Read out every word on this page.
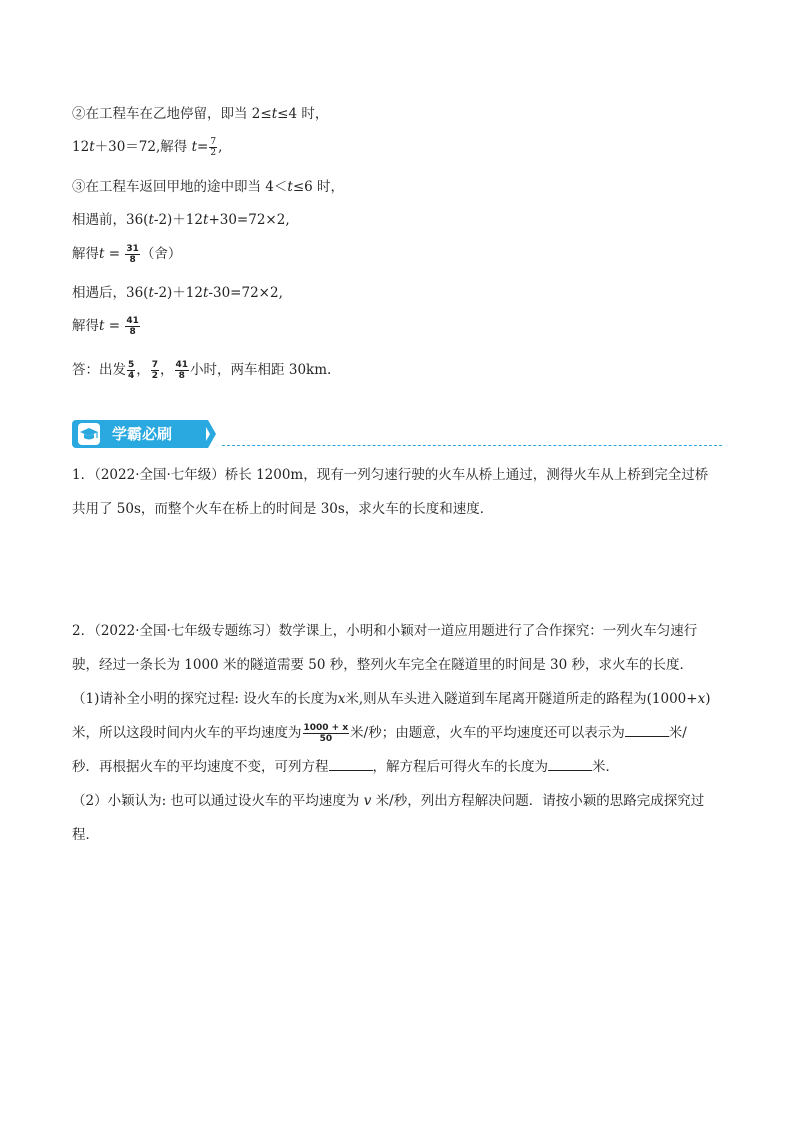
②在工程车在乙地停留，即当 2≤t≤4 时，
12t＋30＝72,解得 $t= \frac{7}{2}$ ,
③在工程车返回甲地的途中即当 4＜t≤6 时，
相遇前，36(t-2)＋12t+30=72×2,
解得$t = \frac{31}{8}$ （舍）
相遇后，36(t-2)＋12t-30=72×2,
解得$t = \frac{41}{8}$
答：出发 $\frac{5}{4}$ ， $\frac{7}{2}$ ， $\frac{41}{8}$ 小时，两车相距 30km.
学霸必刷
1．（2022·全国·七年级）桥长 1200m，现有一列匀速行驶的火车从桥上通过，测得火车从上桥到完全过桥
共用了 50s，而整个火车在桥上的时间是 30s，求火车的长度和速度．
2．（2022·全国·七年级专题练习）数学课上，小明和小颖对一道应用题进行了合作探究：一列火车匀速行
驶，经过一条长为 1000 米的隧道需要 50 秒，整列火车完全在隧道里的时间是 30 秒，求火车的长度．
（1)请补全小明的探究过程: 设火车的长度为x米,则从车头进入隧道到车尾离开隧道所走的路程为(1000+x)
米，所以这段时间内火车的平均速度为 $\frac{1000 + x}{50}$ 米/秒；由题意，火车的平均速度还可以表示为	米/
秒．再根据火车的平均速度不变，可列方程	，解方程后可得火车的长度为	米．
（2）小颖认为: 也可以通过设火车的平均速度为 v 米/秒，列出方程解决问题．请按小颖的思路完成探究过
程．
